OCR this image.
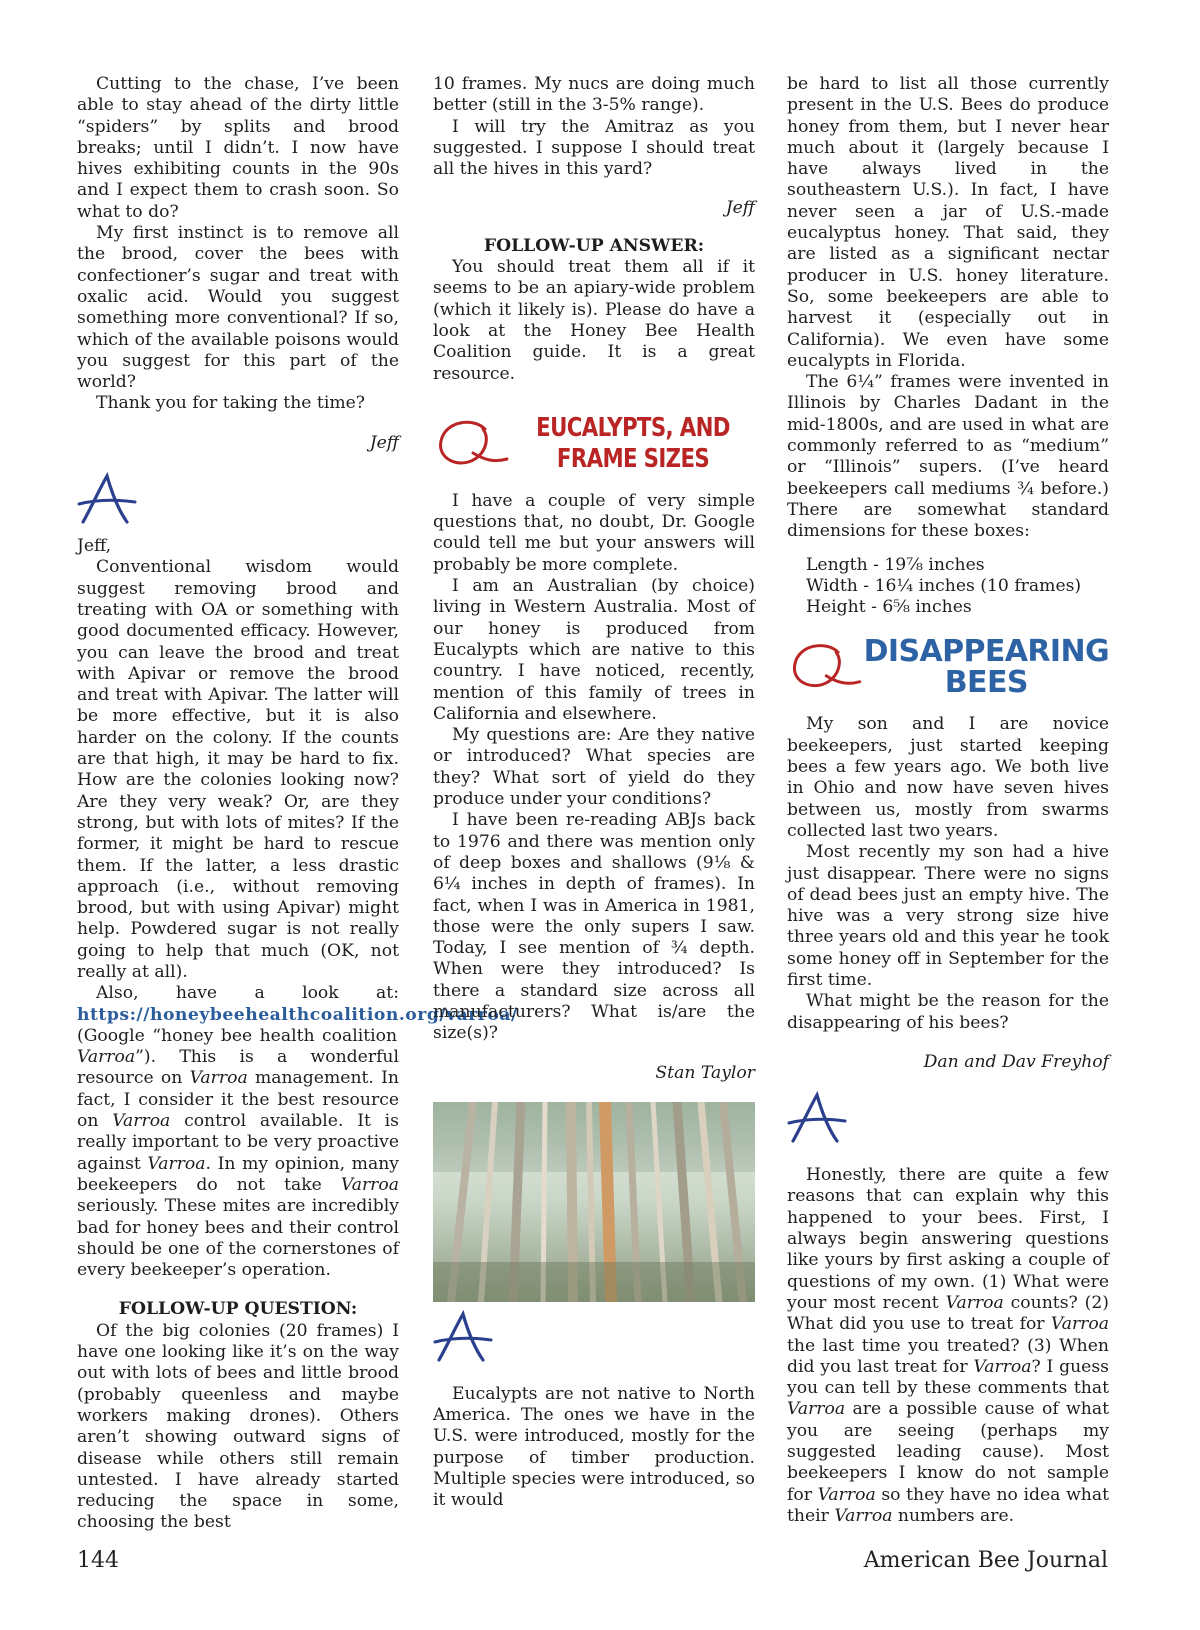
Cutting to the chase, I’ve been able to stay ahead of the dirty little “spiders” by splits and brood breaks; until I didn’t. I now have hives exhibiting counts in the 90s and I expect them to crash soon. So what to do?

My first instinct is to remove all the brood, cover the bees with confectioner’s sugar and treat with oxalic acid. Would you suggest something more conventional? If so, which of the available poisons would you suggest for this part of the world?

Thank you for taking the time?

Jeff

Jeff,

Conventional wisdom would suggest removing brood and treating with OA or something with good documented efficacy. However, you can leave the brood and treat with Apivar or remove the brood and treat with Apivar. The latter will be more effective, but it is also harder on the colony. If the counts are that high, it may be hard to fix. How are the colonies looking now? Are they very weak? Or, are they strong, but with lots of mites? If the former, it might be hard to rescue them. If the latter, a less drastic approach (i.e., without removing brood, but with using Apivar) might help. Powdered sugar is not really going to help that much (OK, not really at all).

Also, have a look at: https://honeybeehealthcoalition.org/varroa/ (Google “honey bee health coalition Varroa”). This is a wonderful resource on Varroa management. In fact, I consider it the best resource on Varroa control available. It is really important to be very proactive against Varroa. In my opinion, many beekeepers do not take Varroa seriously. These mites are incredibly bad for honey bees and their control should be one of the cornerstones of every beekeeper’s operation.

FOLLOW-UP QUESTION:

Of the big colonies (20 frames) I have one looking like it’s on the way out with lots of bees and little brood (probably queenless and maybe workers making drones). Others aren’t showing outward signs of disease while others still remain untested. I have already started reducing the space in some, choosing the best

10 frames. My nucs are doing much better (still in the 3-5% range).

I will try the Amitraz as you suggested. I suppose I should treat all the hives in this yard?

Jeff
FOLLOW-UP ANSWER:

You should treat them all if it seems to be an apiary-wide problem (which it likely is). Please do have a look at the Honey Bee Health Coalition guide. It is a great resource.

EUCALYPTS, AND
FRAME SIZES

I have a couple of very simple questions that, no doubt, Dr. Google could tell me but your answers will probably be more complete.

I am an Australian (by choice) living in Western Australia. Most of our honey is produced from Eucalypts which are native to this country. I have noticed, recently, mention of this family of trees in California and elsewhere.

My questions are: Are they native or introduced? What species are they? What sort of yield do they produce under your conditions?

I have been re-reading ABJs back to 1976 and there was mention only of deep boxes and shallows (9⅛ & 6¼ inches in depth of frames). In fact, when I was in America in 1981, those were the only supers I saw. Today, I see mention of ¾ depth. When were they introduced? Is there a standard size across all manufacturers? What is/are the size(s)?

Stan Taylor

Eucalypts are not native to North America. The ones we have in the U.S. were introduced, mostly for the purpose of timber production. Multiple species were introduced, so it would

be hard to list all those currently present in the U.S. Bees do produce honey from them, but I never hear much about it (largely because I have always lived in the southeastern U.S.). In fact, I have never seen a jar of U.S.-made eucalyptus honey. That said, they are listed as a significant nectar producer in U.S. honey literature. So, some beekeepers are able to harvest it (especially out in California). We even have some eucalypts in Florida.

The 6¼” frames were invented in Illinois by Charles Dadant in the mid-1800s, and are used in what are commonly referred to as “medium” or “Illinois” supers. (I’ve heard beekeepers call mediums ¾ before.) There are somewhat standard dimensions for these boxes:

Length - 19⅞ inches
Width - 16¼ inches (10 frames)
Height - 6⅝ inches
DISAPPEARING
BEES

My son and I are novice beekeepers, just started keeping bees a few years ago. We both live in Ohio and now have seven hives between us, mostly from swarms collected last two years.

Most recently my son had a hive just disappear. There were no signs of dead bees just an empty hive. The hive was a very strong size hive three years old and this year he took some honey off in September for the first time.

What might be the reason for the disappearing of his bees?

Dan and Dav Freyhof

Honestly, there are quite a few reasons that can explain why this happened to your bees. First, I always begin answering questions like yours by first asking a couple of questions of my own. (1) What were your most recent Varroa counts? (2) What did you use to treat for Varroa the last time you treated? (3) When did you last treat for Varroa? I guess you can tell by these comments that Varroa are a possible cause of what you are seeing (perhaps my suggested leading cause). Most beekeepers I know do not sample for Varroa so they have no idea what their Varroa numbers are.

144	American Bee Journal
